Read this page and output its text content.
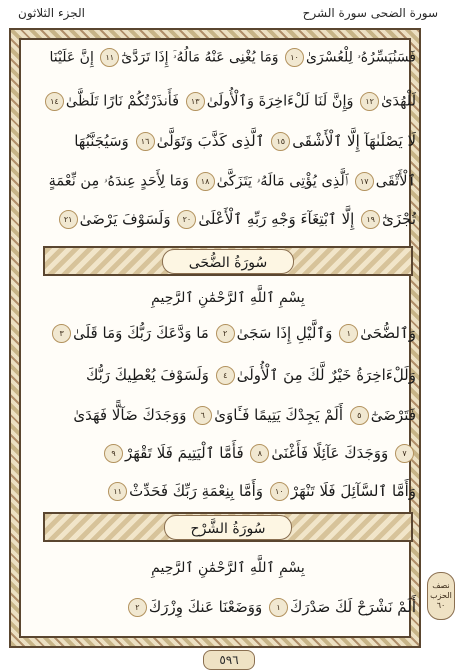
سورة الضحى سورة الشرح
الجزء الثلاثون
فَسَنُيَسِّرُهُۥ لِلْعُسْرَىٰ١٠ وَمَا يُغْنِى عَنْهُ مَالُهُۥٓ إِذَا تَرَدَّىٰٓ١١ إِنَّ عَلَيْنَا
لَلْهُدَىٰ١٢ وَإِنَّ لَنَا لَلْءَاخِرَةَ وَٱلْأُولَىٰ١٣ فَأَنذَرْتُكُمْ نَارًا تَلَظَّىٰ١٤
لَا يَصْلَىٰهَآ إِلَّا ٱلْأَشْقَى١٥ ٱلَّذِى كَذَّبَ وَتَوَلَّىٰ١٦ وَسَيُجَنَّبُهَا
ٱلْأَتْقَى١٧ ٱلَّذِى يُؤْتِى مَالَهُۥ يَتَزَكَّىٰ١٨ وَمَا لِأَحَدٍ عِندَهُۥ مِن نِّعْمَةٍ
تُجْزَىٰٓ١٩ إِلَّا ٱبْتِغَآءَ وَجْهِ رَبِّهِ ٱلْأَعْلَىٰ٢٠ وَلَسَوْفَ يَرْضَىٰ٢١
سُورَةُ الضُّحَى
بِسْمِ ٱللَّهِ ٱلرَّحْمَٰنِ ٱلرَّحِيمِ
وَٱلضُّحَىٰ١ وَٱلَّيْلِ إِذَا سَجَىٰ٢ مَا وَدَّعَكَ رَبُّكَ وَمَا قَلَىٰ٣
وَلَلْءَاخِرَةُ خَيْرٌ لَّكَ مِنَ ٱلْأُولَىٰ٤ وَلَسَوْفَ يُعْطِيكَ رَبُّكَ
فَتَرْضَىٰٓ٥ أَلَمْ يَجِدْكَ يَتِيمًا فَـَٔاوَىٰ٦ وَوَجَدَكَ ضَآلًّا فَهَدَىٰ
٧ وَوَجَدَكَ عَآئِلًا فَأَغْنَىٰ٨ فَأَمَّا ٱلْيَتِيمَ فَلَا تَقْهَرْ٩
وَأَمَّا ٱلسَّآئِلَ فَلَا تَنْهَرْ١٠ وَأَمَّا بِنِعْمَةِ رَبِّكَ فَحَدِّثْ١١
سُورَةُ الشَّرْح
بِسْمِ ٱللَّهِ ٱلرَّحْمَٰنِ ٱلرَّحِيمِ
أَلَمْ نَشْرَحْ لَكَ صَدْرَكَ١ وَوَضَعْنَا عَنكَ وِزْرَكَ٢
نصف
الحزب
٦٠
٥٩٦
